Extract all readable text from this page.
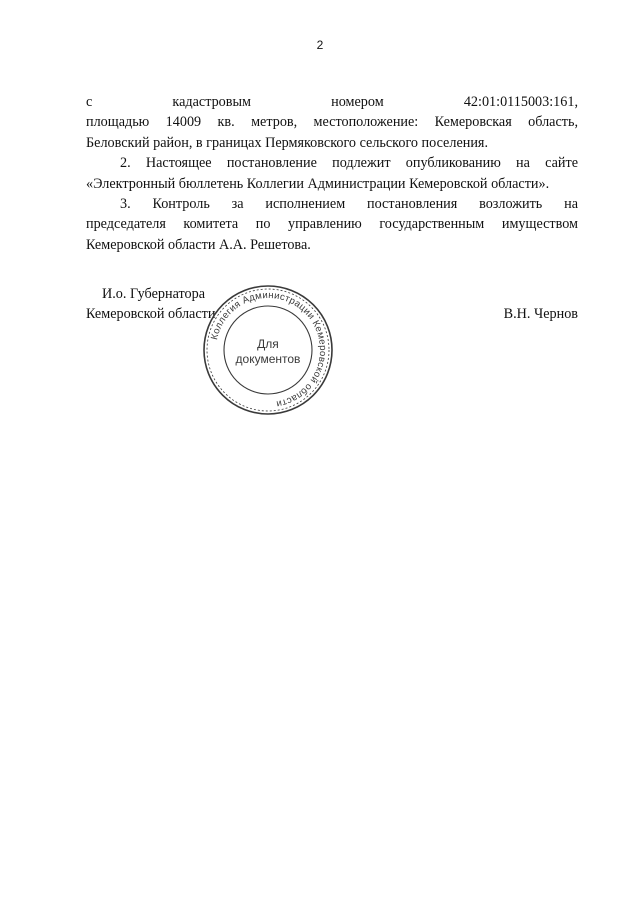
2
с кадастровым номером 42:01:0115003:161,
площадью 14009 кв. метров, местоположение: Кемеровская область,
Беловский район, в границах Пермяковского сельского поселения.
2. Настоящее постановление подлежит опубликованию на сайте
«Электронный бюллетень Коллегии Администрации Кемеровской области».
3. Контроль за исполнением постановления возложить на
председателя комитета по управлению государственным имуществом
Кемеровской области А.А. Решетова.
И.о. Губернатора
Кемеровской области	В.Н. Чернов
Коллегия Администрации Кемеровской области
Для
документов
